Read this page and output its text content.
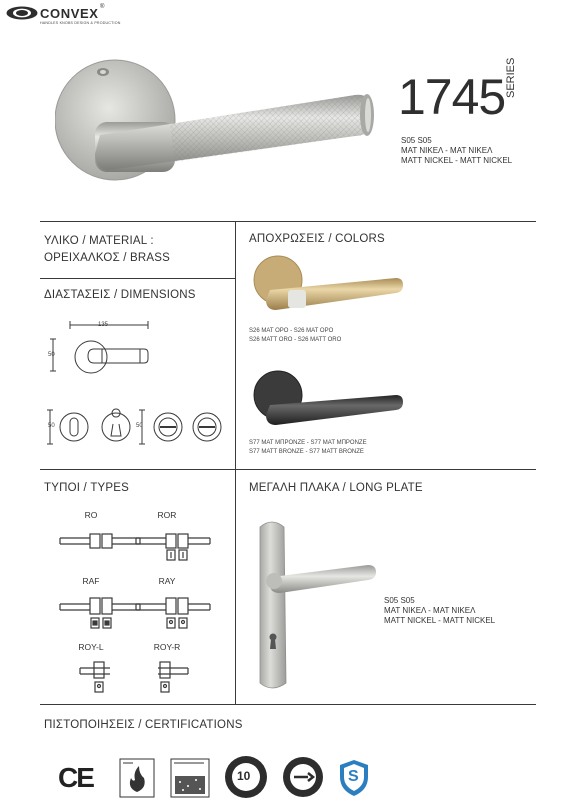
CONVEX ®
HANDLES KNOBS DESIGN & PRODUCTION
1745 SERIES
S05 S05
ΜΑΤ ΝΙΚΕΛ - ΜΑΤ ΝΙΚΕΛ
MATT NICKEL - MATT NICKEL
ΥΛΙΚΟ / MATERIAL :
ΟΡΕΙΧΑΛΚΟΣ / BRASS
ΔΙΑΣΤΑΣΕΙΣ / DIMENSIONS
135
50
50	50
ΑΠΟΧΡΩΣΕΙΣ / COLORS
S26 ΜΑΤ ΟΡΟ - S26 ΜΑΤ ΟΡΟ
S26 MATT ORO - S26 MATT ORO
S77 ΜΑΤ ΜΠΡΟΝΖΕ - S77 ΜΑΤ ΜΠΡΟΝΖΕ
S77 MATT BRONZE - S77 MATT BRONZE
ΤΥΠΟΙ / TYPES
RO	ROR
RAF	RAY
ROY-L	ROY-R
ΜΕΓΑΛΗ ΠΛΑΚΑ / LONG PLATE
S05 S05
ΜΑΤ ΝΙΚΕΛ - ΜΑΤ ΝΙΚΕΛ
MATT NICKEL - MATT NICKEL
ΠΙΣΤΟΠΟΙΗΣΕΙΣ / CERTIFICATIONS
CE	10	S
